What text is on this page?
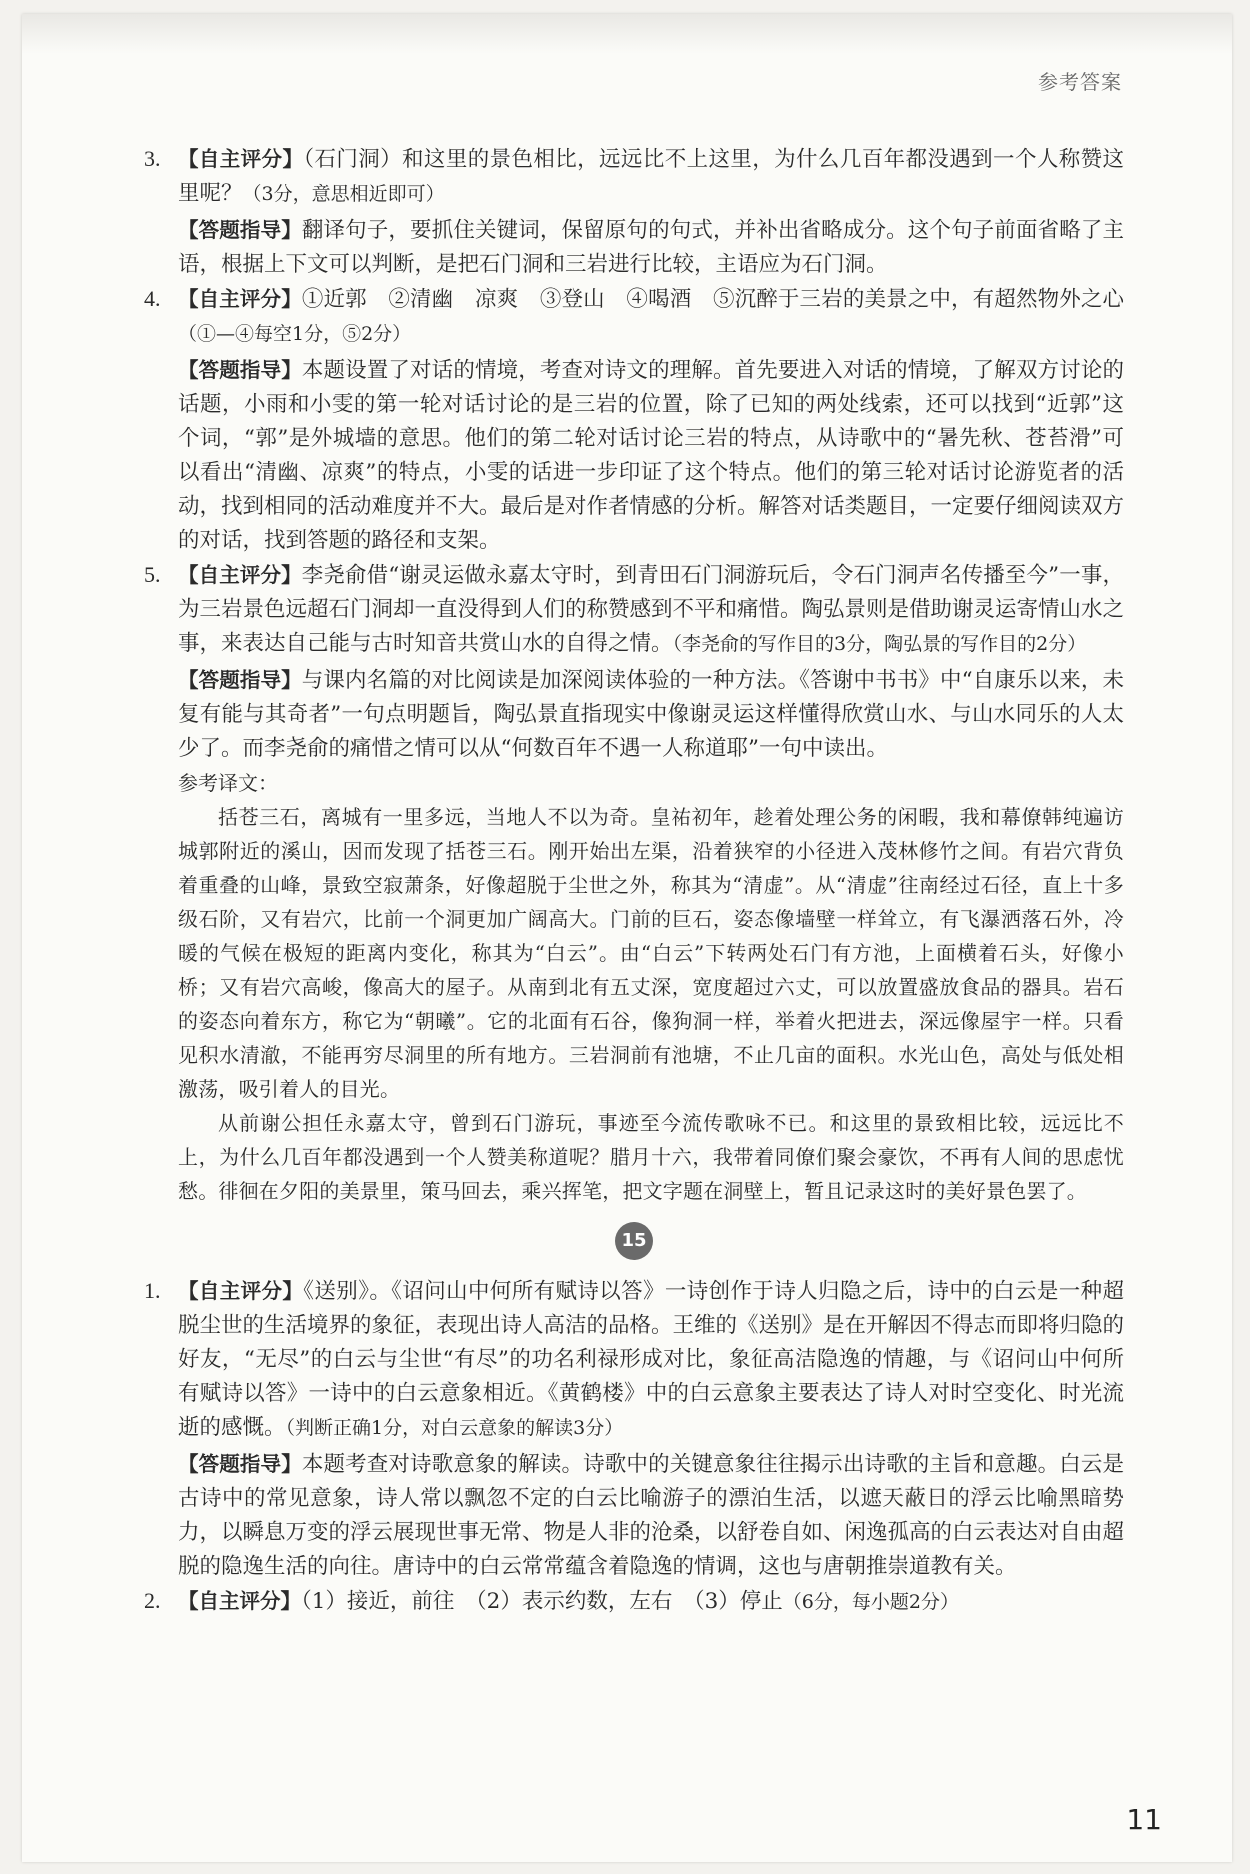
参考答案
3. 【自主评分】（石门洞）和这里的景色相比，远远比不上这里，为什么几百年都没遇到一个人称赞这里呢？（3分，意思相近即可）

【答题指导】翻译句子，要抓住关键词，保留原句的句式，并补出省略成分。这个句子前面省略了主语，根据上下文可以判断，是把石门洞和三岩进行比较，主语应为石门洞。

4. 【自主评分】①近郭　②清幽　凉爽　③登山　④喝酒　⑤沉醉于三岩的美景之中，有超然物外之心（①—④每空1分，⑤2分）

【答题指导】本题设置了对话的情境，考查对诗文的理解。首先要进入对话的情境，了解双方讨论的话题，小雨和小雯的第一轮对话讨论的是三岩的位置，除了已知的两处线索，还可以找到“近郭”这个词，“郭”是外城墙的意思。他们的第二轮对话讨论三岩的特点，从诗歌中的“暑先秋、苍苔滑”可以看出“清幽、凉爽”的特点，小雯的话进一步印证了这个特点。他们的第三轮对话讨论游览者的活动，找到相同的活动难度并不大。最后是对作者情感的分析。解答对话类题目，一定要仔细阅读双方的对话，找到答题的路径和支架。

5. 【自主评分】李尧俞借“谢灵运做永嘉太守时，到青田石门洞游玩后，令石门洞声名传播至今”一事，为三岩景色远超石门洞却一直没得到人们的称赞感到不平和痛惜。陶弘景则是借助谢灵运寄情山水之事，来表达自己能与古时知音共赏山水的自得之情。（李尧俞的写作目的3分，陶弘景的写作目的2分）

【答题指导】与课内名篇的对比阅读是加深阅读体验的一种方法。《答谢中书书》中“自康乐以来，未复有能与其奇者”一句点明题旨，陶弘景直指现实中像谢灵运这样懂得欣赏山水、与山水同乐的人太少了。而李尧俞的痛惜之情可以从“何数百年不遇一人称道耶”一句中读出。

参考译文：

括苍三石，离城有一里多远，当地人不以为奇。皇祐初年，趁着处理公务的闲暇，我和幕僚韩纯遍访城郭附近的溪山，因而发现了括苍三石。刚开始出左渠，沿着狭窄的小径进入茂林修竹之间。有岩穴背负着重叠的山峰，景致空寂萧条，好像超脱于尘世之外，称其为“清虚”。从“清虚”往南经过石径，直上十多级石阶，又有岩穴，比前一个洞更加广阔高大。门前的巨石，姿态像墙壁一样耸立，有飞瀑洒落石外，冷暖的气候在极短的距离内变化，称其为“白云”。由“白云”下转两处石门有方池，上面横着石头，好像小桥；又有岩穴高峻，像高大的屋子。从南到北有五丈深，宽度超过六丈，可以放置盛放食品的器具。岩石的姿态向着东方，称它为“朝曦”。它的北面有石谷，像狗洞一样，举着火把进去，深远像屋宇一样。只看见积水清澈，不能再穷尽洞里的所有地方。三岩洞前有池塘，不止几亩的面积。水光山色，高处与低处相激荡，吸引着人的目光。

从前谢公担任永嘉太守，曾到石门游玩，事迹至今流传歌咏不已。和这里的景致相比较，远远比不上，为什么几百年都没遇到一个人赞美称道呢？腊月十六，我带着同僚们聚会豪饮，不再有人间的思虑忧愁。徘徊在夕阳的美景里，策马回去，乘兴挥笔，把文字题在洞壁上，暂且记录这时的美好景色罢了。

15
1. 【自主评分】《送别》。《诏问山中何所有赋诗以答》一诗创作于诗人归隐之后，诗中的白云是一种超脱尘世的生活境界的象征，表现出诗人高洁的品格。王维的《送别》是在开解因不得志而即将归隐的好友，“无尽”的白云与尘世“有尽”的功名利禄形成对比，象征高洁隐逸的情趣，与《诏问山中何所有赋诗以答》一诗中的白云意象相近。《黄鹤楼》中的白云意象主要表达了诗人对时空变化、时光流逝的感慨。（判断正确1分，对白云意象的解读3分）

【答题指导】本题考查对诗歌意象的解读。诗歌中的关键意象往往揭示出诗歌的主旨和意趣。白云是古诗中的常见意象，诗人常以飘忽不定的白云比喻游子的漂泊生活，以遮天蔽日的浮云比喻黑暗势力，以瞬息万变的浮云展现世事无常、物是人非的沧桑，以舒卷自如、闲逸孤高的白云表达对自由超脱的隐逸生活的向往。唐诗中的白云常常蕴含着隐逸的情调，这也与唐朝推崇道教有关。

2. 【自主评分】（1）接近，前往　（2）表示约数，左右　（3）停止（6分，每小题2分）

11
